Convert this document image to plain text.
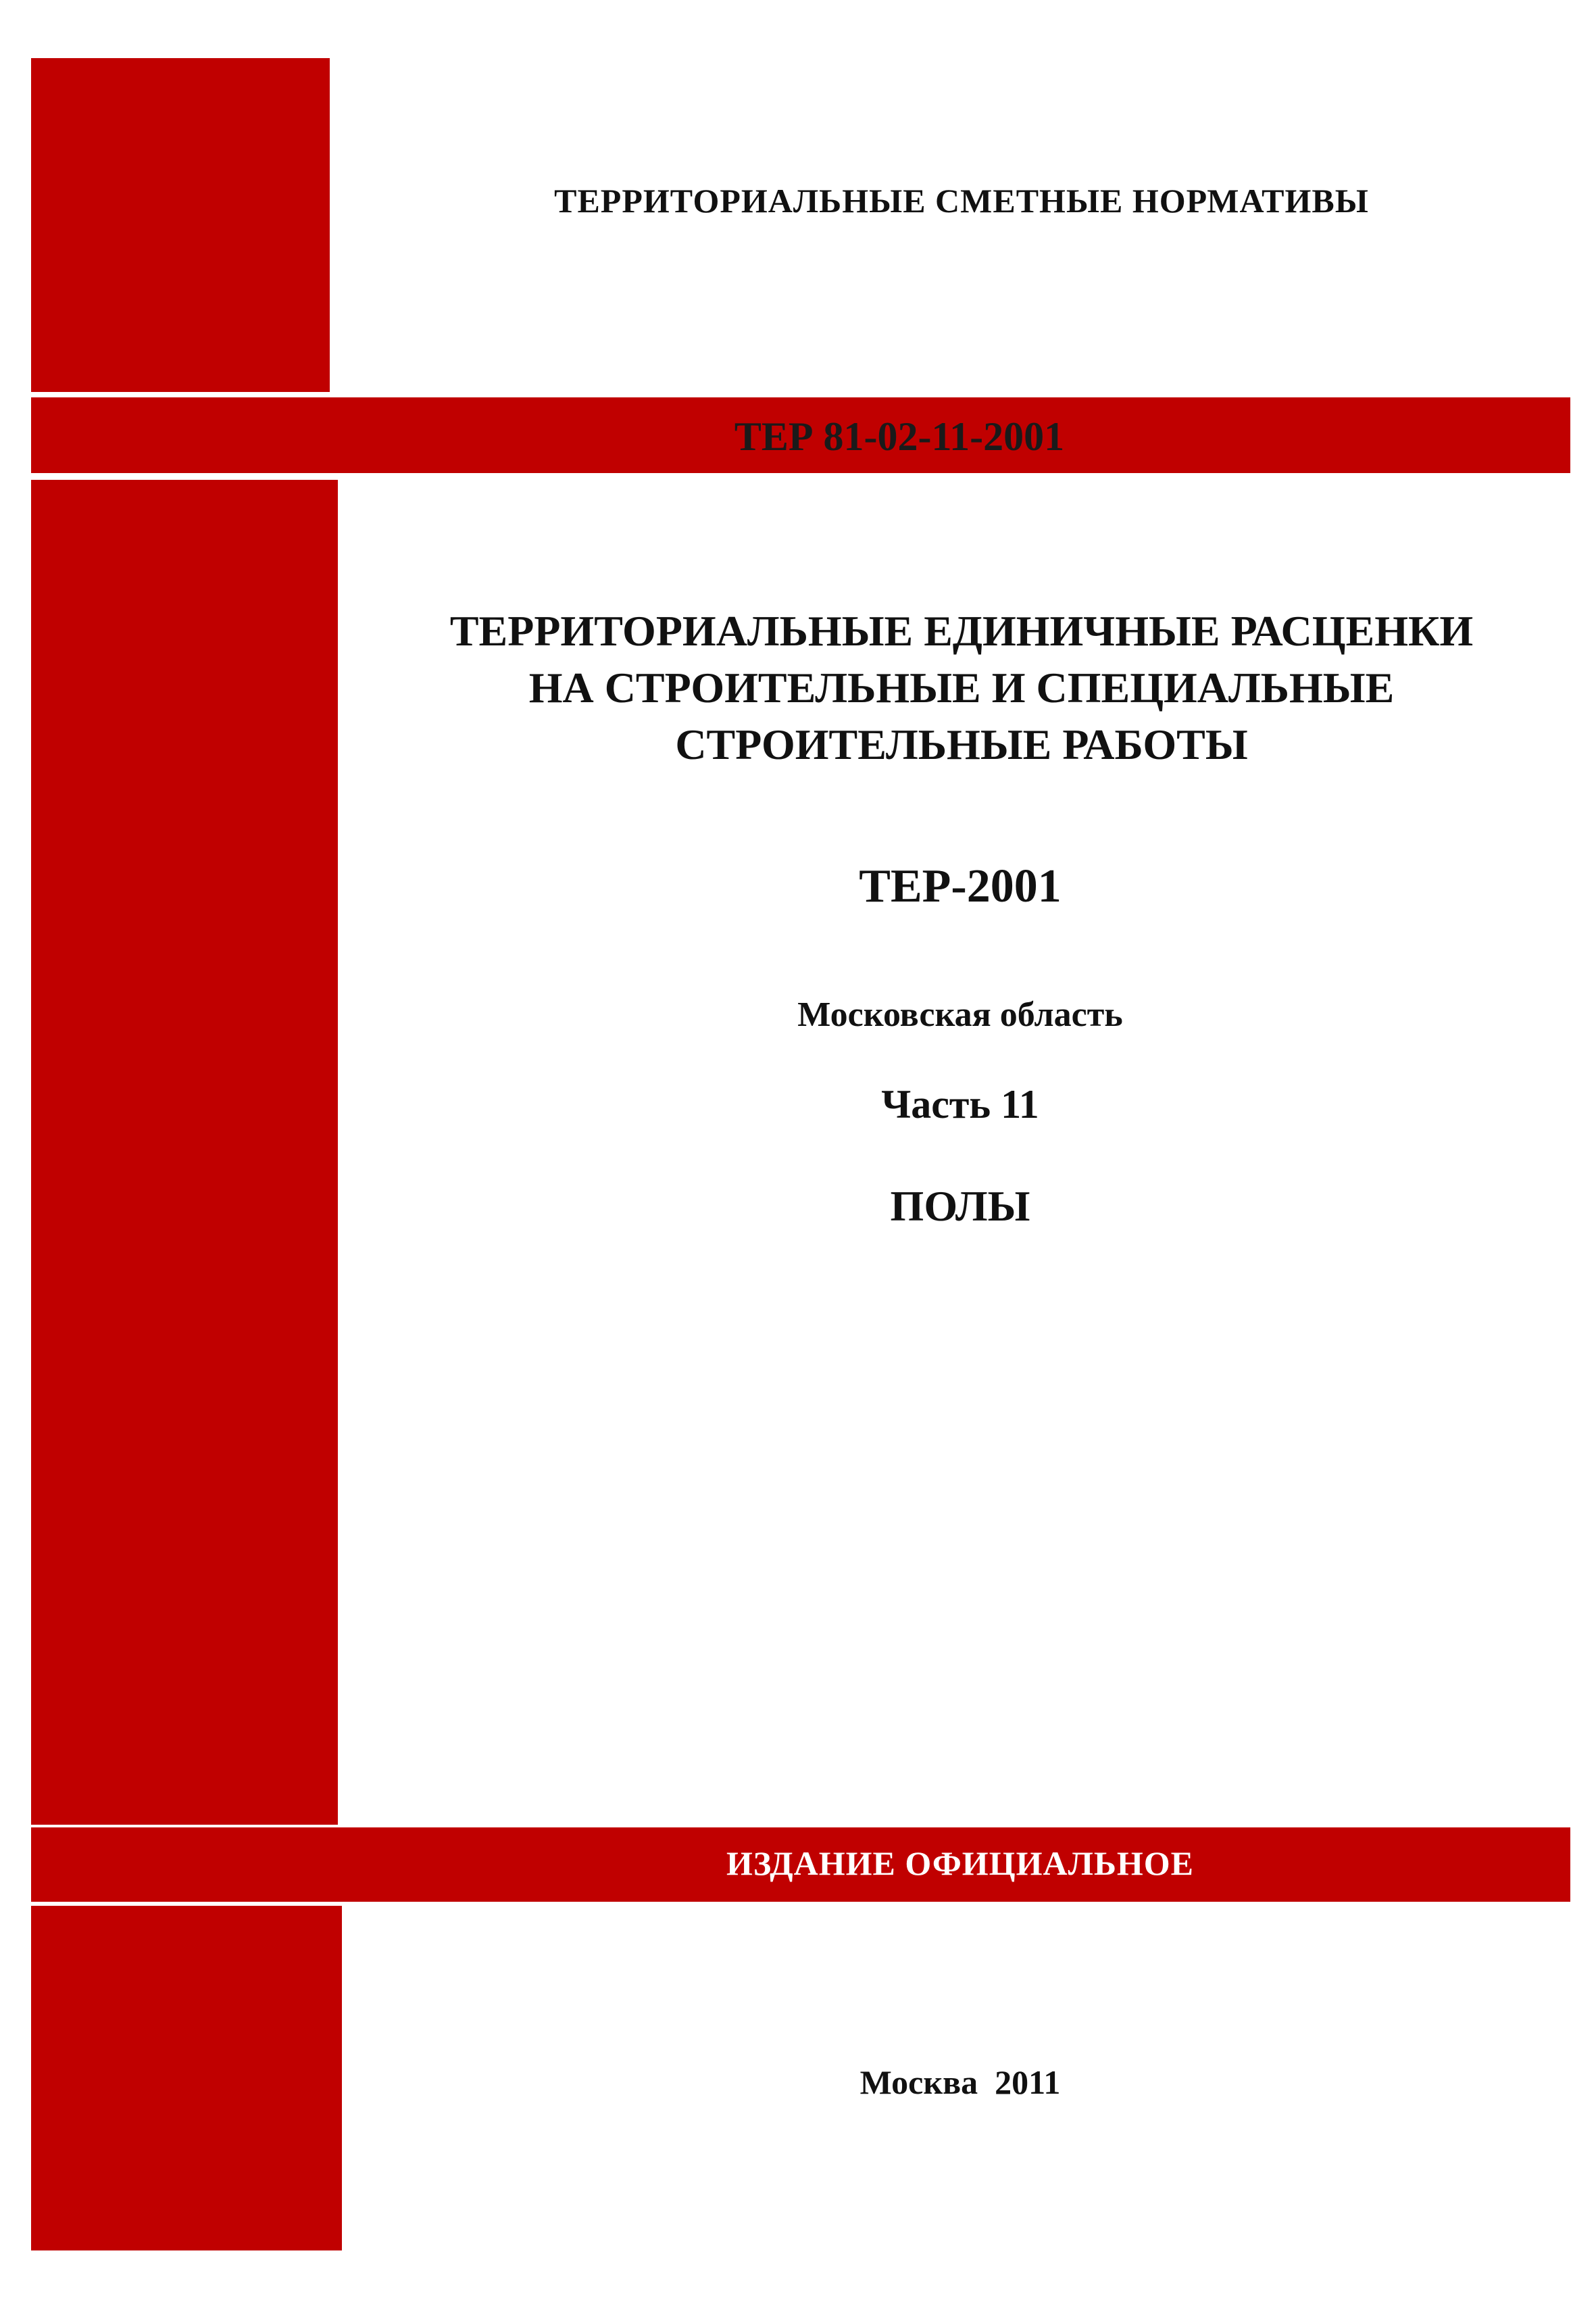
ТЕРРИТОРИАЛЬНЫЕ СМЕТНЫЕ НОРМАТИВЫ
ТЕР 81-02-11-2001
ТЕРРИТОРИАЛЬНЫЕ ЕДИНИЧНЫЕ РАСЦЕНКИ
НА СТРОИТЕЛЬНЫЕ И СПЕЦИАЛЬНЫЕ
СТРОИТЕЛЬНЫЕ РАБОТЫ
ТЕР-2001
Московская область
Часть 11
ПОЛЫ
ИЗДАНИЕ ОФИЦИАЛЬНОЕ
Москва  2011
